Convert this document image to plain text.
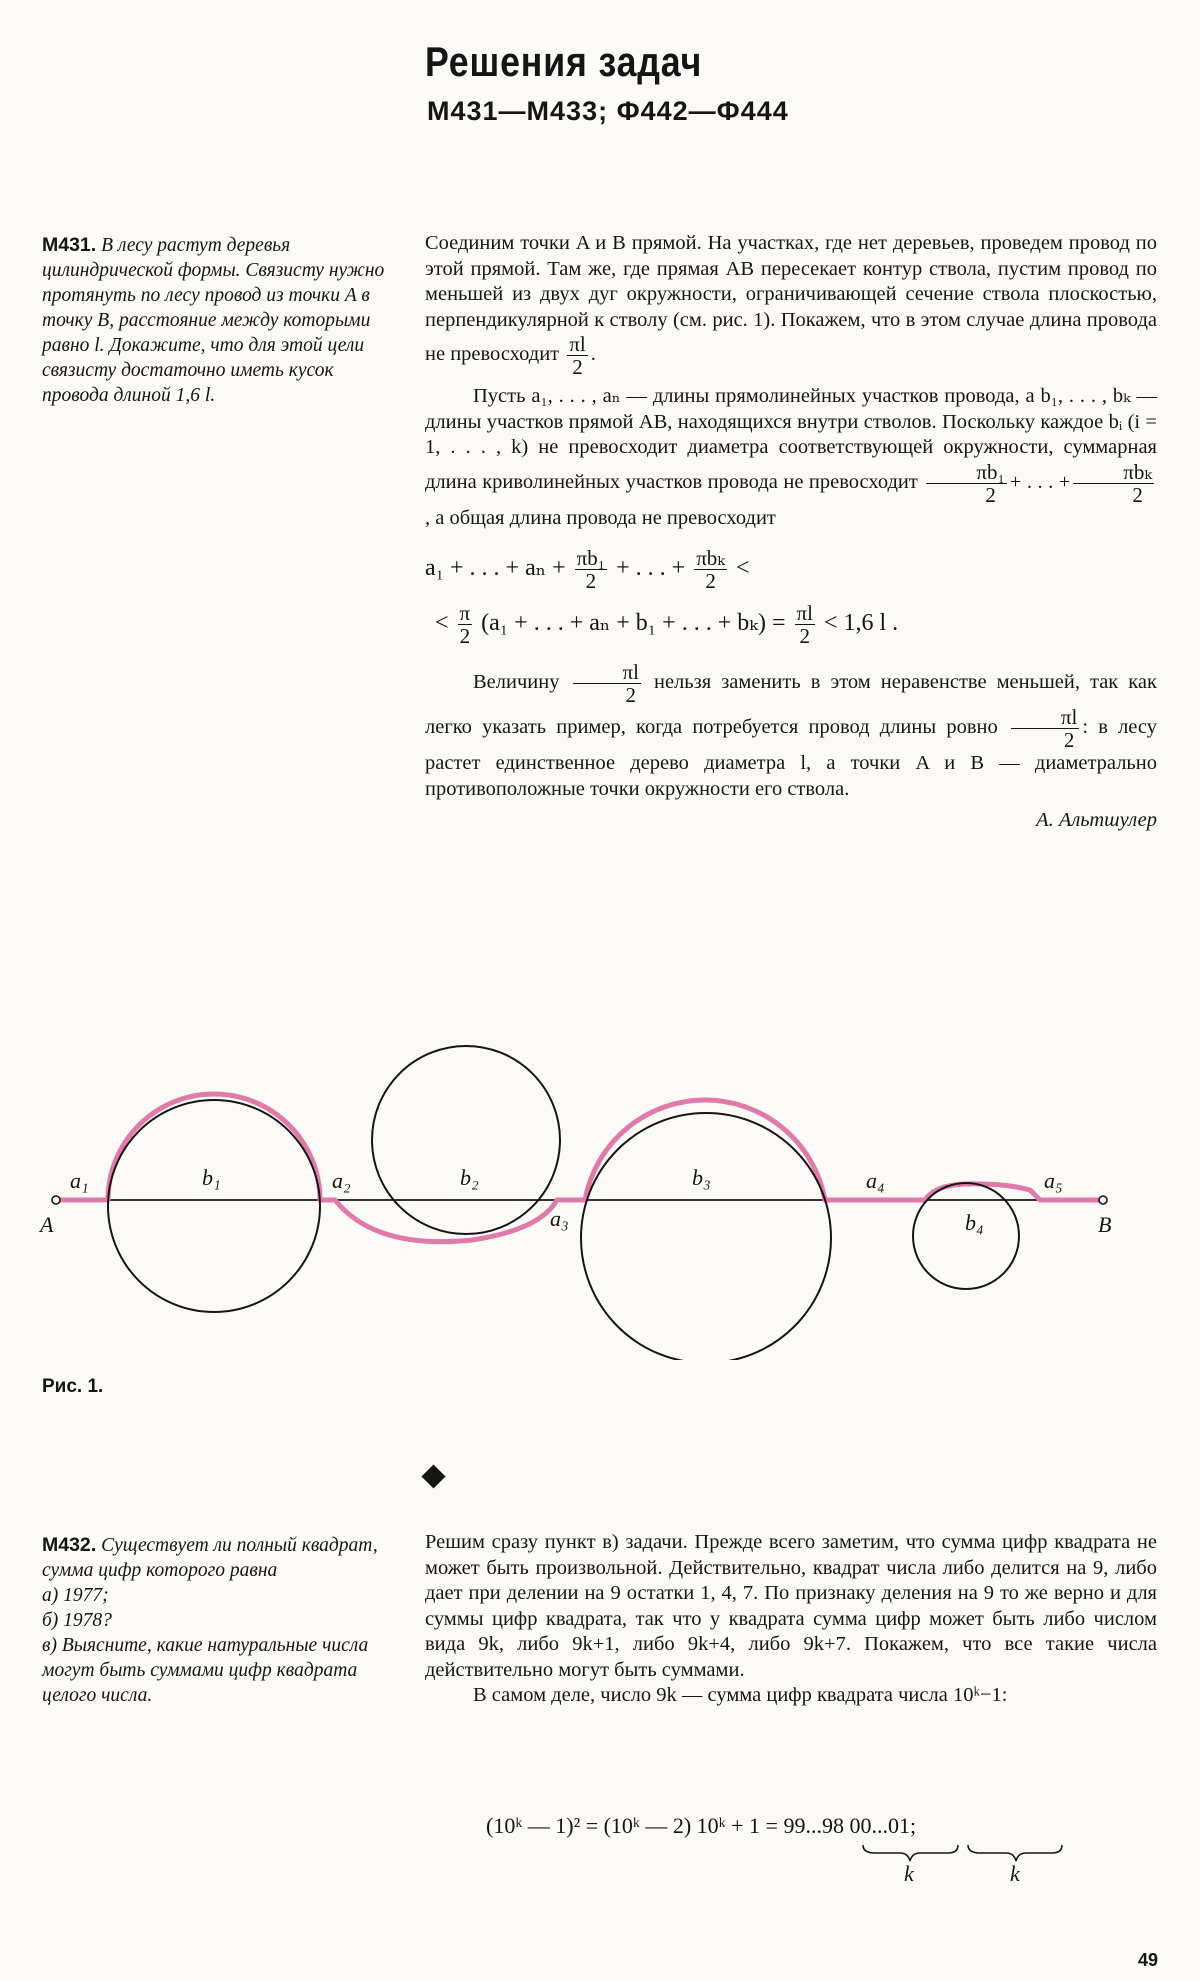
Решения задач
М431—М433; Ф442—Ф444

М431. В лесу растут деревья цилиндрической формы. Связисту нужно протянуть по лесу провод из точки A в точку B, расстояние между которыми равно l. Докажите, что для этой цели связисту достаточно иметь кусок провода длиной 1,6 l.

Соединим точки A и B прямой. На участках, где нет деревьев, проведем провод по этой прямой. Там же, где прямая AB пересекает контур ствола, пустим провод по меньшей из двух дуг окружности, ограничивающей сечение ствола плоскостью, перпендикулярной к стволу (см. рис. 1). Покажем, что в этом случае длина провода не превосходит $\frac{\pi l}{2}$ .

Пусть a₁, . . . , aₙ — длины прямолинейных участков провода, а b₁, . . . , bₖ — длины участков прямой AB, находящихся внутри стволов. Поскольку каждое bᵢ (i = 1, . . . , k) не превосходит диаметра соответствующей окружности, суммарная длина криволинейных участков провода не превосходит $\frac{\text{πb₁}}{2}$ + . . . + $\frac{\text{πbₖ}}{2}$
, а общая длина провода не превосходит

a₁ + . . . + $a_n + \frac{\text{πb₁}}{2}$ + . . . + $\frac{\text{πbₖ}}{2}$ <

< $\frac{\pi}{2} (a_1$ + . . . + aₙ + b₁ + . . . + $b_k) = \frac{\pi l}{2} < 1,6$ l .

Величину $\frac{\pi l}{2}$ нельзя заменить в этом неравенстве меньшей, так как легко указать пример, когда потребуется провод длины ровно $\frac{\pi l}{2}$ : в лесу растет единственное дерево диаметра l, а точки A и B — диаметрально противоположные точки окружности его ствола.

А. Альтшулер

A	B
a₁	a₂
a₃
a₄	a₅
b₁	b₂	b₃
b₄
Рис. 1.

М432. Существует ли полный квадрат, сумма цифр которого равна

а) 1977;

б) 1978?

в) Выясните, какие натуральные числа могут быть суммами цифр квадрата целого числа.

Решим сразу пункт в) задачи. Прежде всего заметим, что сумма цифр квадрата не может быть произвольной. Действительно, квадрат числа либо делится на 9, либо дает при делении на 9 остатки 1, 4, 7. По признаку деления на 9 то же верно и для суммы цифр квадрата, так что у квадрата сумма цифр может быть либо числом вида 9k, либо 9k+1, либо 9k+4, либо 9k+7. Покажем, что все такие числа действительно могут быть суммами.

В самом деле, число 9k — сумма цифр квадрата числа 10ᵏ−1:

(10ᵏ — 1)² = (10ᵏ — 2) 10ᵏ + 1 = 99...98 00...01;
k	k
49
